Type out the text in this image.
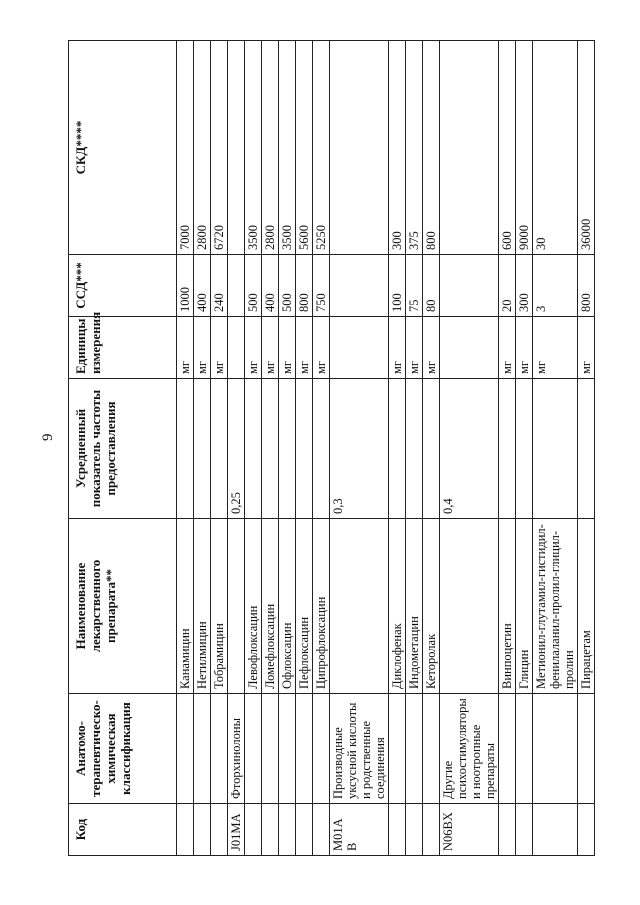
9
Код	Анатомо-терапевтическо-химическая классификация	Наименование лекарственного препарата**	Усредненный показатель частоты предоставления	Единицы измерения	ССД***	СКД****
		Канамицин		мг	1000	7000
		Нетилмицин		мг	400	2800
		Тобрамицин		мг	240	6720
J01MA	Фторхинолоны		0,25			
		Левофлоксацин		мг	500	3500
		Ломефлоксацин		мг	400	2800
		Офлоксацин		мг	500	3500
		Пефлоксацин		мг	800	5600
		Ципрофлоксацин		мг	750	5250
M01A B	Производные уксусной кислоты и родственные соединения		0,3			
		Диклофенак		мг	100	300
		Индометацин		мг	75	375
		Кеторолак		мг	80	800
N06BX	Другие психостимуляторы и ноотропные препараты		0,4			
		Винпоцетин		мг	20	600
		Глицин		мг	300	9000
		Метионил-глутамил-гистидил-фенилаланил-пролил-глицил-пролин		мг	3	30
		Пирацетам		мг	800	36000
